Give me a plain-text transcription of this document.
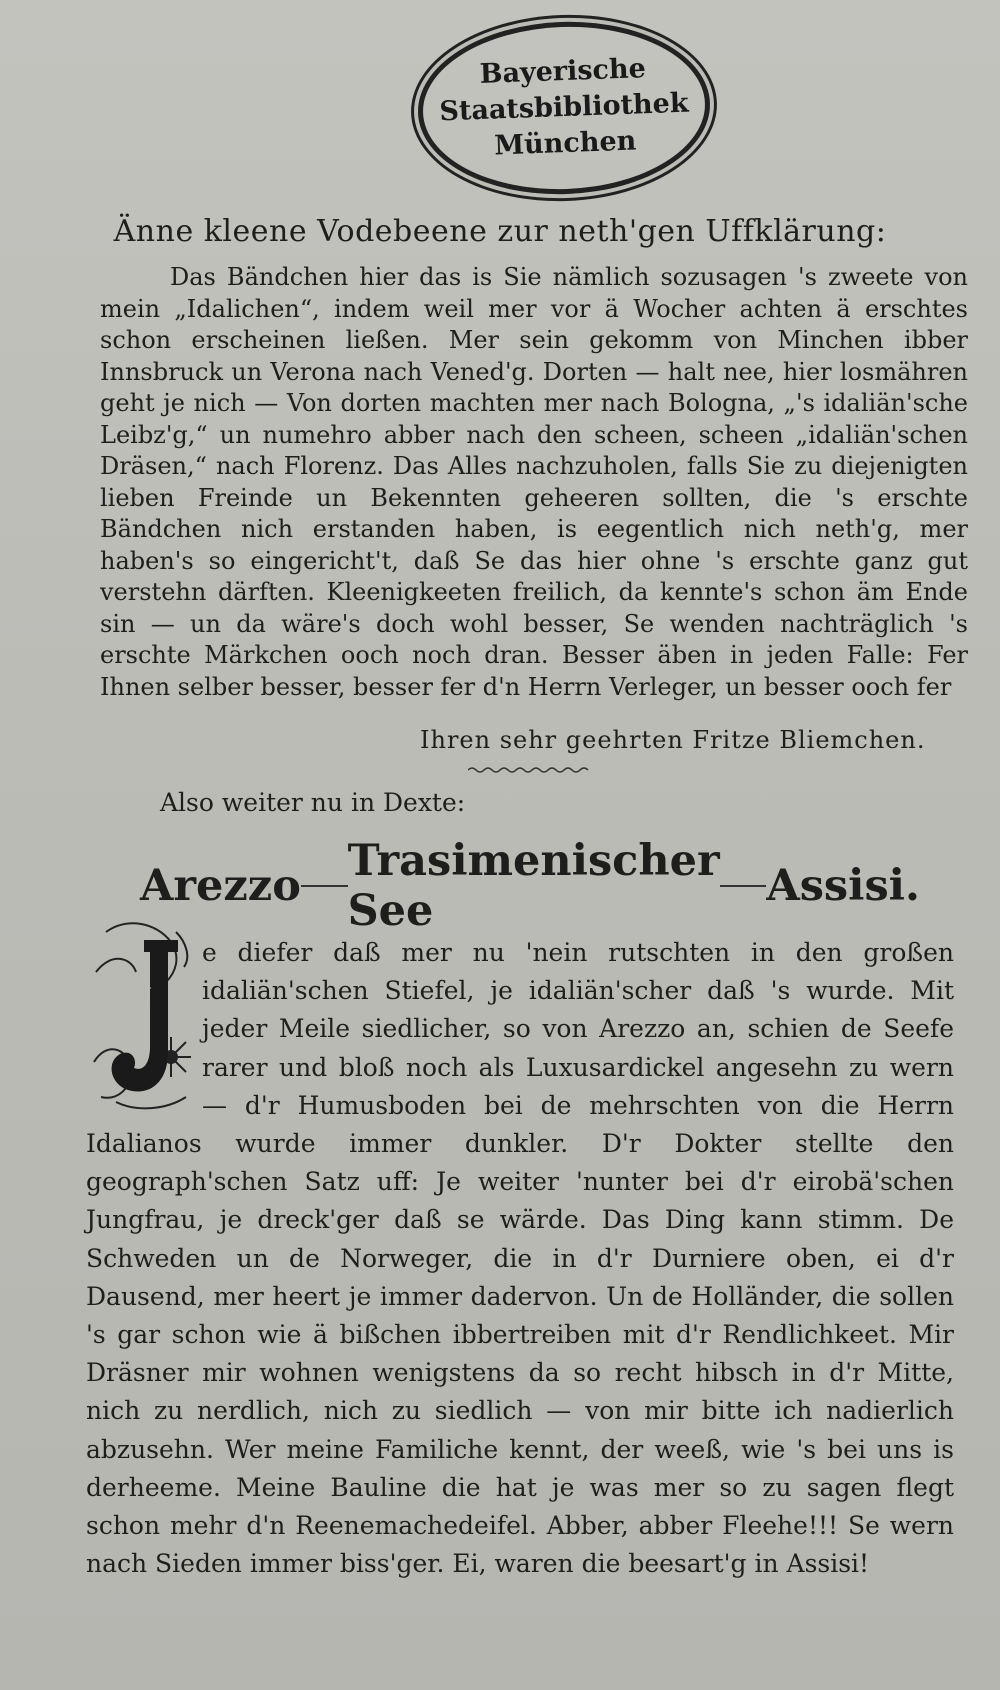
Bayerische
Staatsbibliothek
München
Änne kleene Vodebeene zur neth'gen Uffklärung:

Das Bändchen hier das is Sie nämlich sozusagen 's zweete von mein „Idalichen“, indem weil mer vor ä Wocher achten ä erschtes schon erscheinen ließen. Mer sein gekomm von Minchen ibber Innsbruck un Verona nach Vened'g. Dorten — halt nee, hier losmähren geht je nich — Von dorten machten mer nach Bologna, „'s idaliän'sche Leibz'g,“ un numehro abber nach den scheen, scheen „idaliän'schen Dräsen,“ nach Florenz. Das Alles nachzuholen, falls Sie zu diejenigten lieben Freinde un Bekennten geheeren sollten, die 's erschte Bändchen nich erstanden haben, is eegentlich nich neth'g, mer haben's so eingericht't, daß Se das hier ohne 's erschte ganz gut verstehn därften. Kleenigkeeten freilich, da kennte's schon äm Ende sin — un da wäre's doch wohl besser, Se wenden nachträglich 's erschte Märkchen ooch noch dran. Besser äben in jeden Falle: Fer Ihnen selber besser, besser fer d'n Herrn Verleger, un besser ooch fer

Ihren sehr geehrten Fritze Bliemchen.

Also weiter nu in Dexte:

Arezzo Trasimenischer See	Assisi.
J

e diefer daß mer nu 'nein rutschten in den großen idaliän'schen Stiefel, je idaliän'scher daß 's wurde. Mit jeder Meile siedlicher, so von Arezzo an, schien de Seefe rarer und bloß noch als Luxusardickel angesehn zu wern — d'r Humusboden bei de mehrschten von die Herrn Idalianos wurde immer dunkler. D'r Dokter stellte den geograph'schen Satz uff: Je weiter 'nunter bei d'r eirobä'schen Jungfrau, je dreck'ger daß se wärde. Das Ding kann stimm. De Schweden un de Norweger, die in d'r Durniere oben, ei d'r Dausend, mer heert je immer dadervon. Un de Holländer, die sollen 's gar schon wie ä bißchen ibbertreiben mit d'r Rendlichkeet. Mir Dräsner mir wohnen wenigstens da so recht hibsch in d'r Mitte, nich zu nerdlich, nich zu siedlich — von mir bitte ich nadierlich abzusehn. Wer meine Familiche kennt, der weeß, wie 's bei uns is derheeme. Meine Bauline die hat je was mer so zu sagen flegt schon mehr d'n Reenemachedeifel. Abber, abber Fleehe!!! Se wern nach Sieden immer biss'ger. Ei, waren die beesart'g in Assisi!
